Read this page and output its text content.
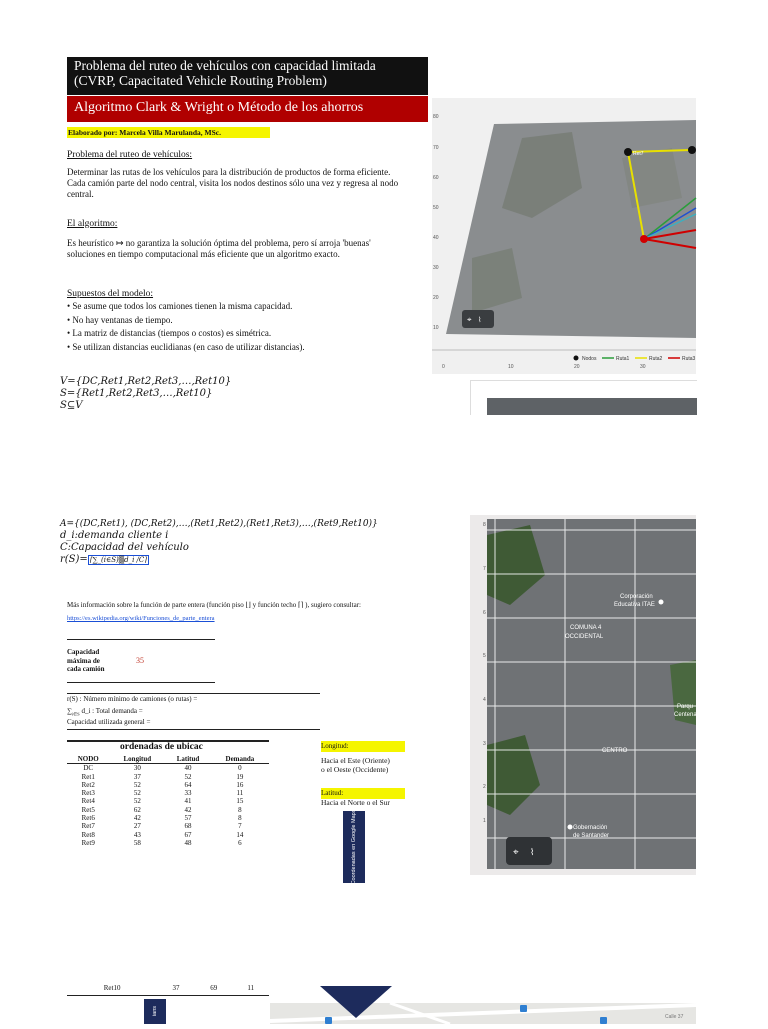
Problema del ruteo de vehículos con capacidad limitada
(CVRP, Capacitated Vehicle Routing Problem)
Algoritmo Clark & Wright o Método de los ahorros
Elaborado por: Marcela Villa Marulanda, MSc.
Problema del ruteo de vehículos:
Determinar las rutas de los vehículos para la distribución de productos de forma eficiente. Cada camión parte del nodo central, visita los nodos destinos sólo una vez y regresa al nodo central.
El algoritmo:
Es heurístico ↦ no garantiza la solución óptima del problema, pero sí arroja 'buenas' soluciones en tiempo computacional más eficiente que un algoritmo exacto.
Supuestos del modelo:
• Se asume que todos los camiones tienen la misma capacidad.
• No hay ventanas de tiempo.
• La matriz de distancias (tiempos o costos) es simétrica.
• Se utilizan distancias euclidianas (en caso de utilizar distancias).
V={DC,Ret1,Ret2,Ret3,…,Ret10}
S={Ret1,Ret2,Ret3,…,Ret10}
S⊆V
A={(DC,Ret1), (DC,Ret2),…,(Ret1,Ret2),(Ret1,Ret3),…,(Ret9,Ret10)}
d_i:demanda cliente i
C:Capacidad del vehículo
r(S)= ⌈∑_(i∈S)▒d_i /C⌉
Más información sobre la función de parte entera (función piso ⌊⌋ y función techo ⌈⌉ ), sugiero consultar:
https://es.wikipedia.org/wiki/Funciones_de_parte_entera
Capacidad
máxima de
cada camión
35
r(S) : Número mínimo de camiones (o rutas) =
$\sum_{i\in S}$ d_i : Total demanda =
Capacidad utilizada general =
ordenadas de ubicac
NODO	Longitud	Latitud	Demanda
DC	30	40	0
Ret1	37	52	19
Ret2	52	64	16
Ret3	52	33	11
Ret4	52	41	15
Ret5	62	42	8
Ret6	42	57	8
Ret7	27	68	7
Ret8	43	67	14
Ret9	58	48	6
Ret10	37	69	11
Longitud:
Hacia el Este (Oriente)
o el Oeste (Occidente)
Latitud:
Hacia el Norte o el Sur
Coordenadas en Google Maps
ians
80
70
60
50
40
30
20
10
Ret7
⌖ ⌇
0	10	20	30
Nodos	Ruta1	Ruta2	Ruta3
8
7
6
5
4
3
2
1
Corporación
Educativa ITAE
COMUNA 4
OCCIDENTAL
CENTRO
Gobernación
de Santander
Parqu
Centenario
⌖ ⌇
Calle 37
